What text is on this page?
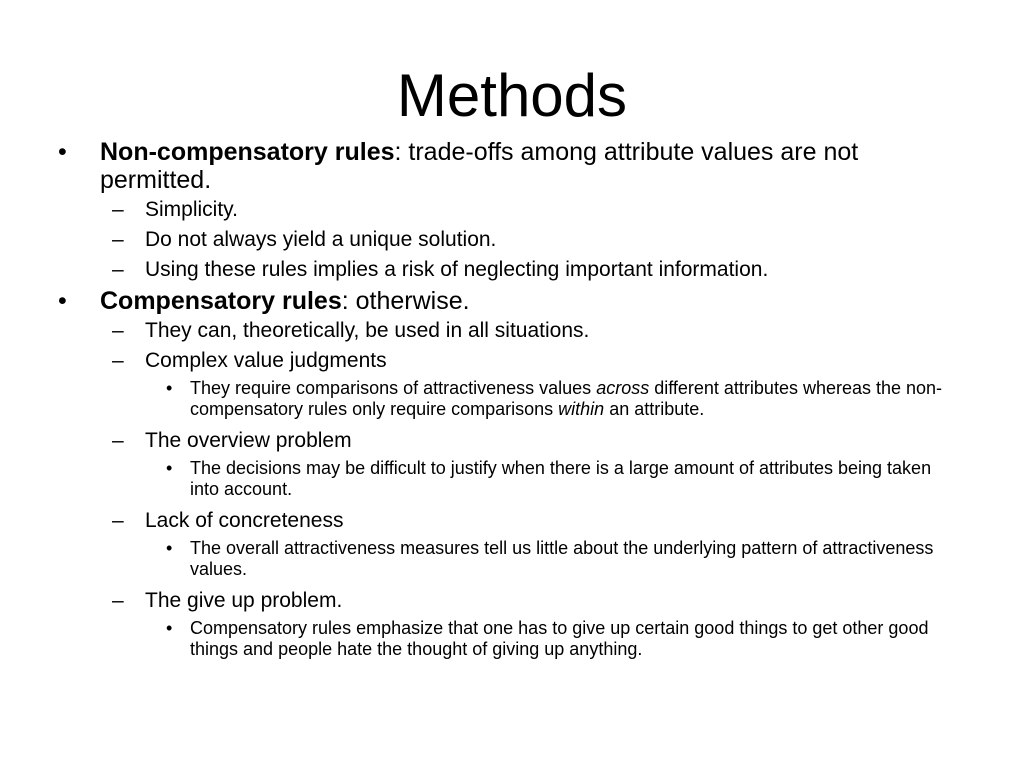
Methods
• Non-compensatory rules: trade-offs among attribute values are not permitted.
– Simplicity.
– Do not always yield a unique solution.
– Using these rules implies a risk of neglecting important information.
• Compensatory rules: otherwise.
– They can, theoretically, be used in all situations.
– Complex value judgments
• They require comparisons of attractiveness values across different attributes whereas the non-compensatory rules only require comparisons within an attribute.
– The overview problem
• The decisions may be difficult to justify when there is a large amount of attributes being taken into account.
– Lack of concreteness
• The overall attractiveness measures tell us little about the underlying pattern of attractiveness values.
– The give up problem.
• Compensatory rules emphasize that one has to give up certain good things to get other good things and people hate the thought of giving up anything.
